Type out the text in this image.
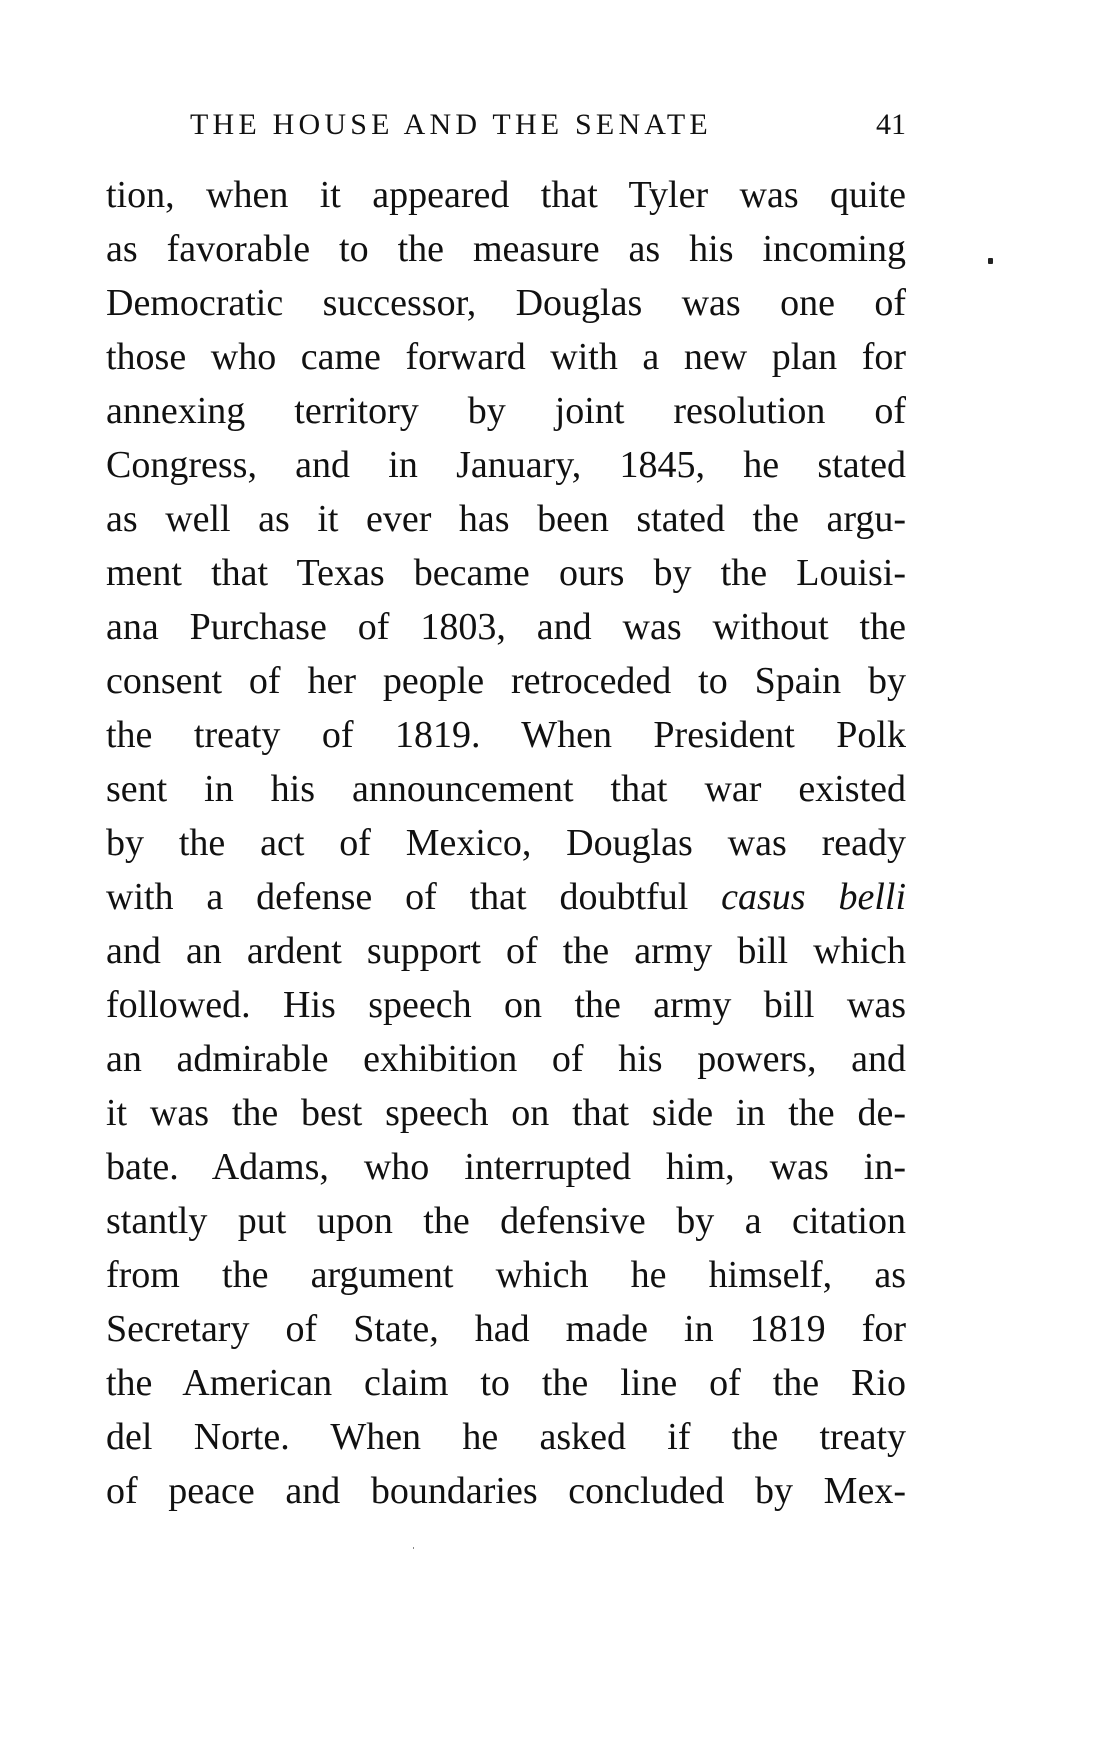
THE HOUSE AND THE SENATE	41
tion, when it appeared that Tyler was quite
as favorable to the measure as his incoming
Democratic successor, Douglas was one of
those who came forward with a new plan for
annexing territory by joint resolution of
Congress, and in January, 1845, he stated
as well as it ever has been stated the argu-
ment that Texas became ours by the Louisi-
ana Purchase of 1803, and was without the
consent of her people retroceded to Spain by
the treaty of 1819. When President Polk
sent in his announcement that war existed
by the act of Mexico, Douglas was ready
with a defense of that doubtful casus belli
and an ardent support of the army bill which
followed. His speech on the army bill was
an admirable exhibition of his powers, and
it was the best speech on that side in the de-
bate. Adams, who interrupted him, was in-
stantly put upon the defensive by a citation
from the argument which he himself, as
Secretary of State, had made in 1819 for
the American claim to the line of the Rio
del Norte. When he asked if the treaty
of peace and boundaries concluded by Mex-
